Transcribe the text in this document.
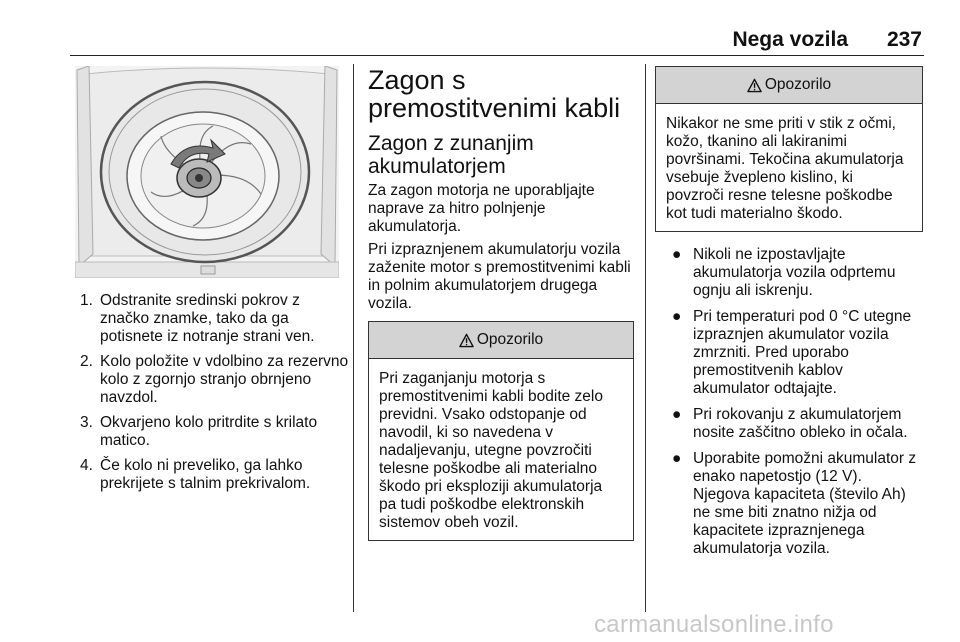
Nega vozila 237
1. Odstranite sredinski pokrov z značko znamke, tako da ga potisnete iz notranje strani ven.
2. Kolo položite v vdolbino za rezervno kolo z zgornjo stranjo obrnjeno navzdol.
3. Okvarjeno kolo pritrdite s krilato matico.
4. Če kolo ni preveliko, ga lahko prekrijete s talnim prekrivalom.
Zagon s premostitvenimi kabli
Zagon z zunanjim akumulatorjem

Za zagon motorja ne uporabljajte naprave za hitro polnjenje akumulatorja.

Pri izpraznjenem akumulatorju vozila zaženite motor s premostitvenimi kabli in polnim akumulatorjem drugega vozila.

Opozorilo
Pri zaganjanju motorja s premostitvenimi kabli bodite zelo previdni. Vsako odstopanje od navodil, ki so navedena v nadaljevanju, utegne povzročiti telesne poškodbe ali materialno škodo pri eksploziji akumulatorja pa tudi poškodbe elektronskih sistemov obeh vozil.
Opozorilo
Nikakor ne sme priti v stik z očmi, kožo, tkanino ali lakiranimi površinami. Tekočina akumulatorja vsebuje žvepleno kislino, ki povzroči resne telesne poškodbe kot tudi materialno škodo.
● Nikoli ne izpostavljajte akumulatorja vozila odprtemu ognju ali iskrenju.
● Pri temperaturi pod 0 °C utegne izpraznjen akumulator vozila zmrzniti. Pred uporabo premostitvenih kablov akumulator odtajajte.
● Pri rokovanju z akumulatorjem nosite zaščitno obleko in očala.
● Uporabite pomožni akumulator z enako napetostjo (12 V). Njegova kapaciteta (število Ah) ne sme biti znatno nižja od kapacitete izpraznjenega akumulatorja vozila.
carmanualsonline.info
